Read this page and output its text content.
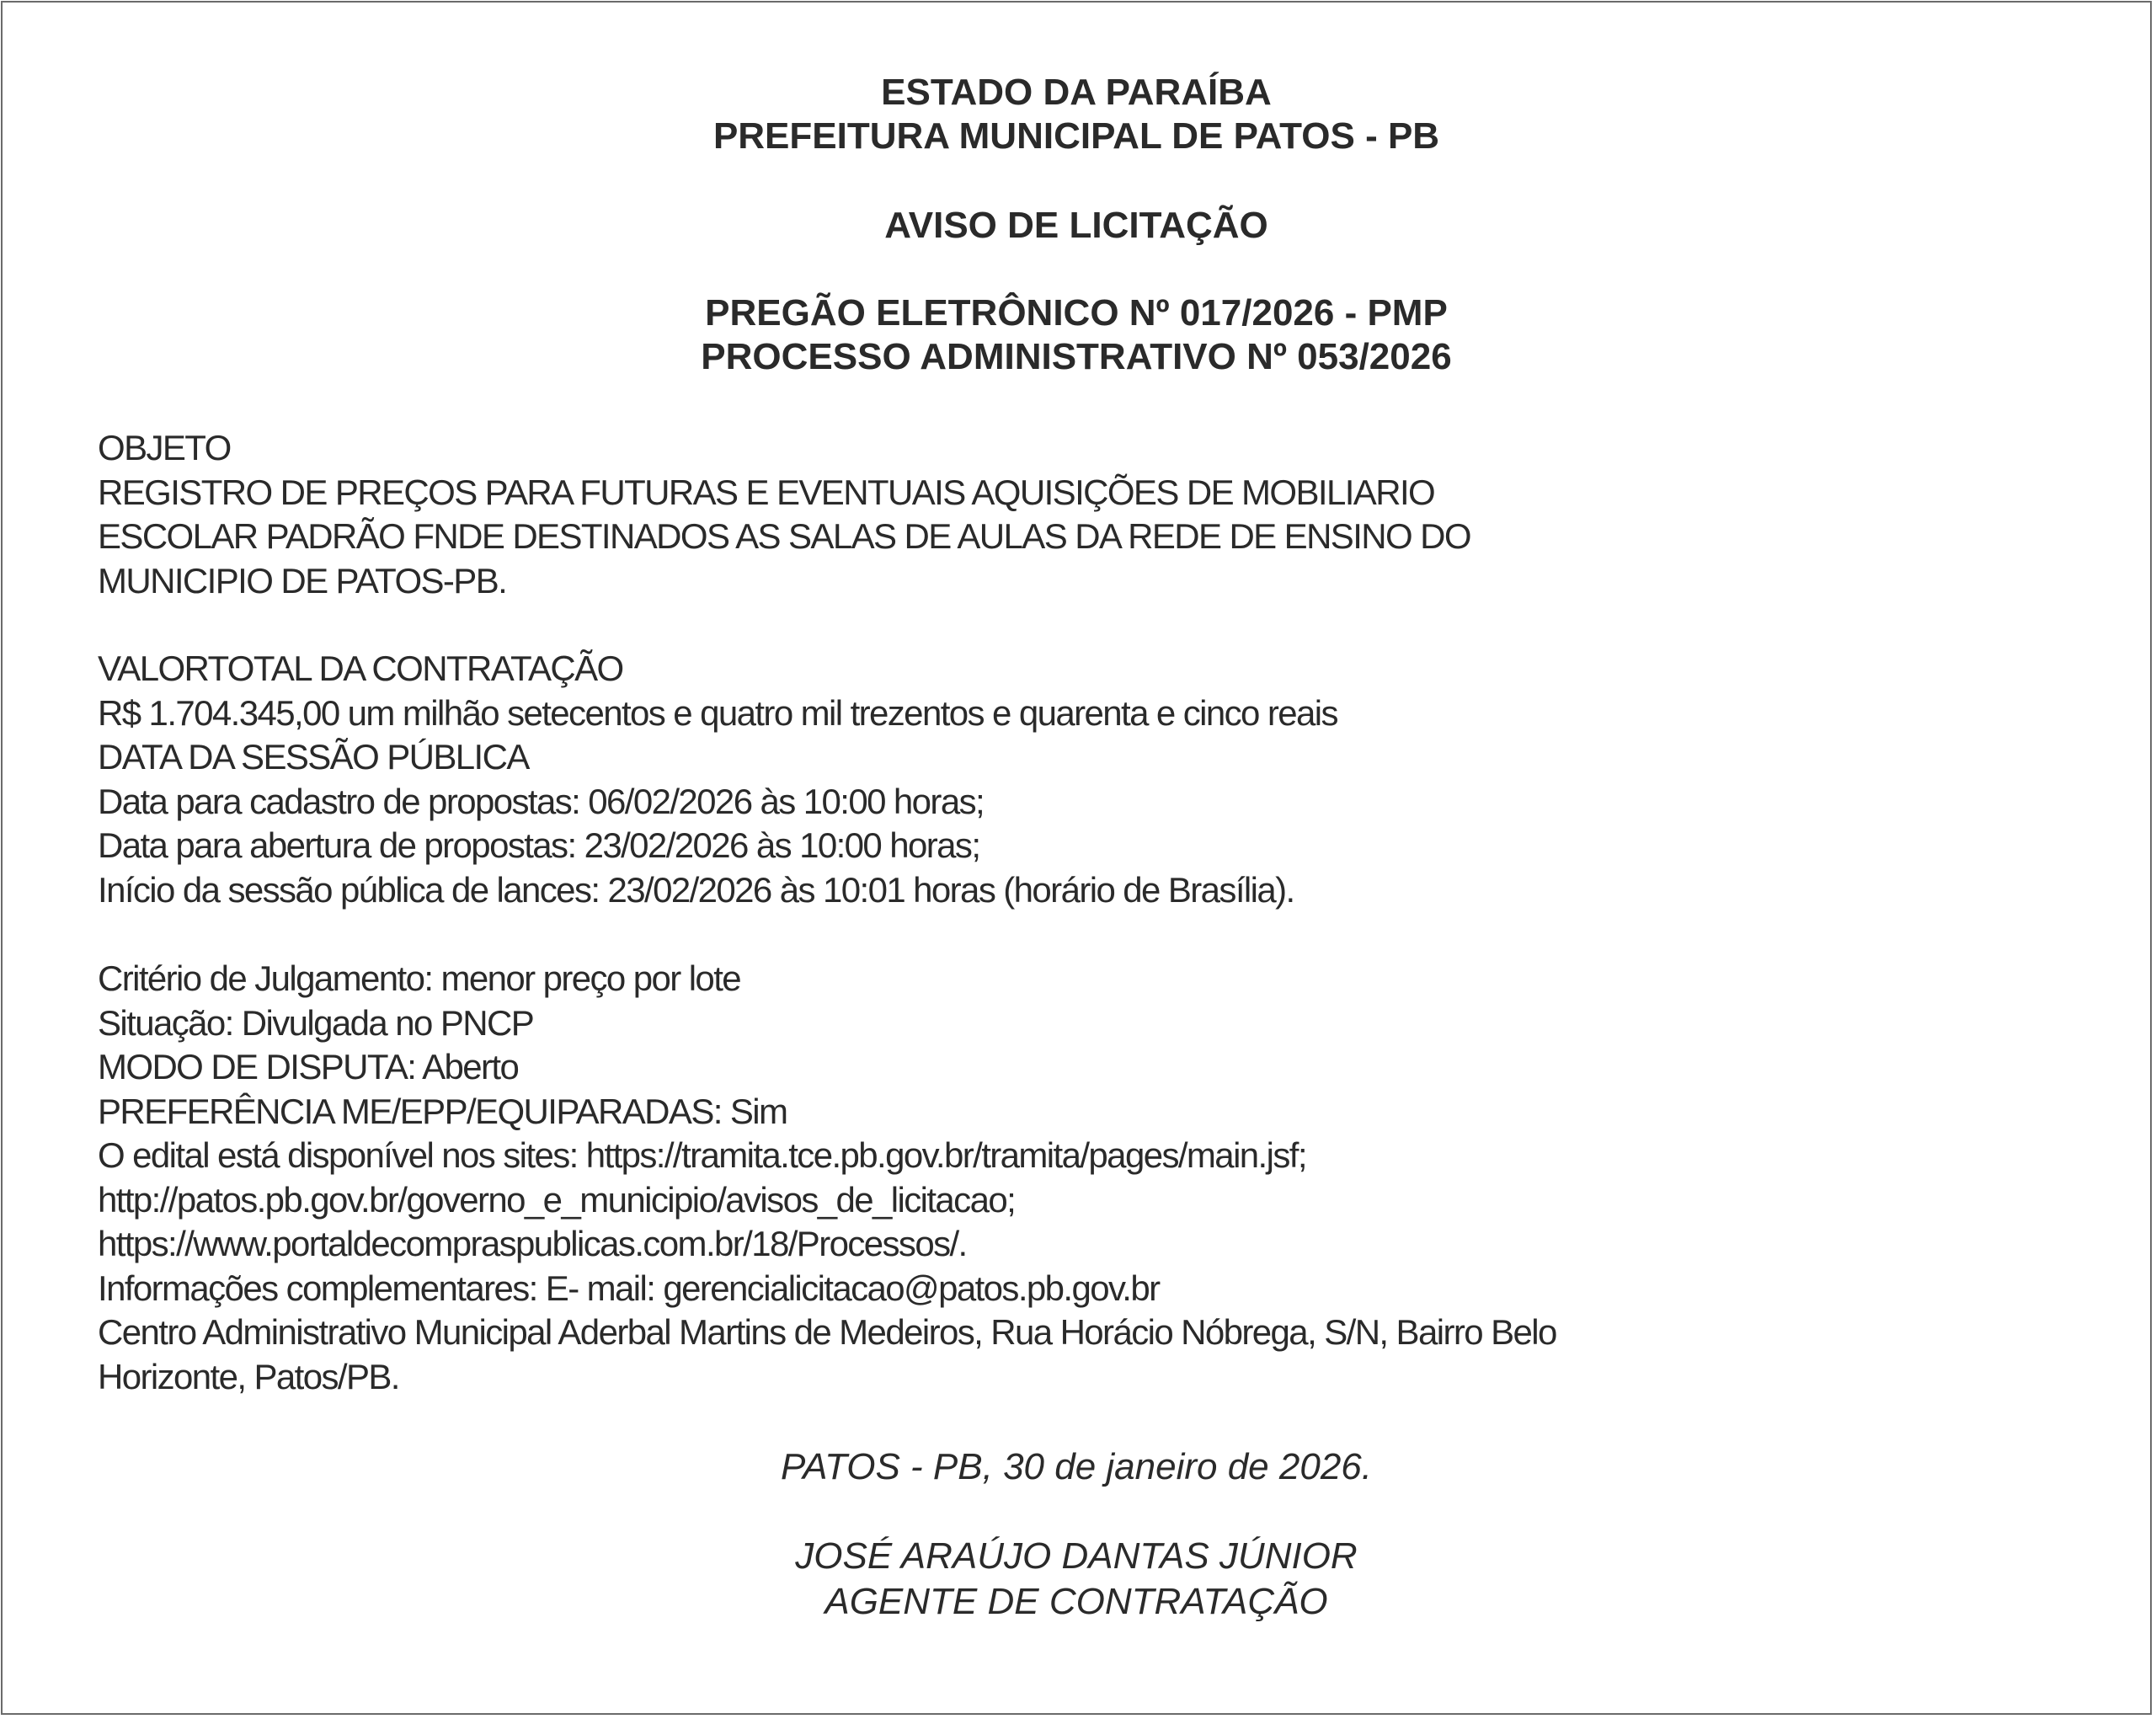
ESTADO DA PARAÍBA
PREFEITURA MUNICIPAL DE PATOS - PB
AVISO DE LICITAÇÃO
PREGÃO ELETRÔNICO Nº 017/2026 - PMP
PROCESSO ADMINISTRATIVO Nº 053/2026
OBJETO
REGISTRO DE PREÇOS PARA FUTURAS E EVENTUAIS AQUISIÇÕES DE MOBILIARIO
ESCOLAR PADRÃO FNDE DESTINADOS AS SALAS DE AULAS DA REDE DE ENSINO DO
MUNICIPIO DE PATOS-PB.
VALORTOTAL DA CONTRATAÇÃO
R$ 1.704.345,00 um milhão setecentos e quatro mil trezentos e quarenta e cinco reais
DATA DA SESSÃO PÚBLICA
Data para cadastro de propostas: 06/02/2026 às 10:00 horas;
Data para abertura de propostas: 23/02/2026 às 10:00 horas;
Início da sessão pública de lances: 23/02/2026 às 10:01 horas (horário de Brasília).
Critério de Julgamento: menor preço por lote
Situação: Divulgada no PNCP
MODO DE DISPUTA: Aberto
PREFERÊNCIA ME/EPP/EQUIPARADAS: Sim
O edital está disponível nos sites: https://tramita.tce.pb.gov.br/tramita/pages/main.jsf;
http://patos.pb.gov.br/governo_e_municipio/avisos_de_licitacao;
https://www.portaldecompraspublicas.com.br/18/Processos/.
Informações complementares: E- mail: gerencialicitacao@patos.pb.gov.br
Centro Administrativo Municipal Aderbal Martins de Medeiros, Rua Horácio Nóbrega, S/N, Bairro Belo
Horizonte, Patos/PB.
PATOS - PB, 30 de janeiro de 2026.
JOSÉ ARAÚJO DANTAS JÚNIOR
AGENTE DE CONTRATAÇÃO
